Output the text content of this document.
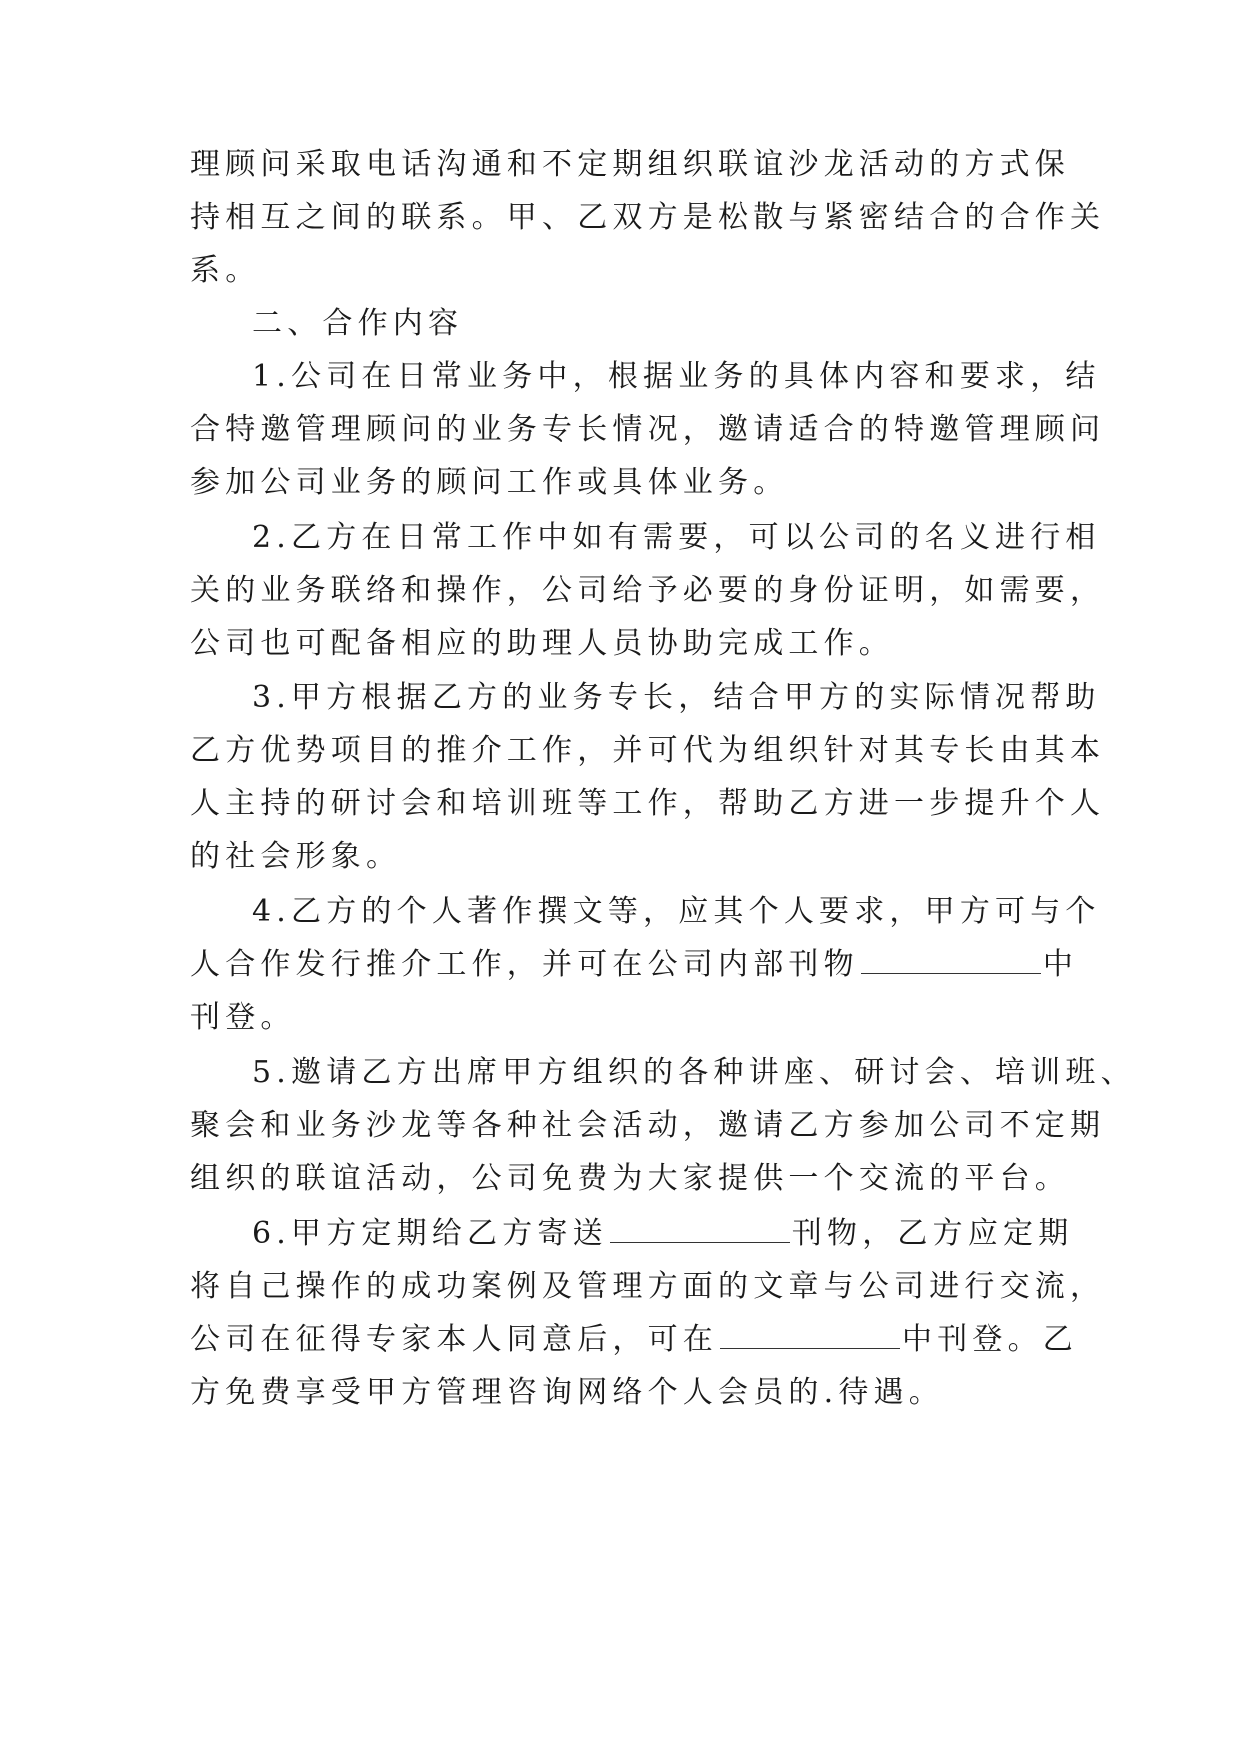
理顾问采取电话沟通和不定期组织联谊沙龙活动的方式保
持相互之间的联系。甲、乙双方是松散与紧密结合的合作关
系。
二、合作内容
1.公司在日常业务中，根据业务的具体内容和要求，结
合特邀管理顾问的业务专长情况，邀请适合的特邀管理顾问
参加公司业务的顾问工作或具体业务。
2.乙方在日常工作中如有需要，可以公司的名义进行相
关的业务联络和操作，公司给予必要的身份证明，如需要，
公司也可配备相应的助理人员协助完成工作。
3.甲方根据乙方的业务专长，结合甲方的实际情况帮助
乙方优势项目的推介工作，并可代为组织针对其专长由其本
人主持的研讨会和培训班等工作，帮助乙方进一步提升个人
的社会形象。
4.乙方的个人著作撰文等，应其个人要求，甲方可与个
人合作发行推介工作，并可在公司内部刊物	中
刊登。
5.邀请乙方出席甲方组织的各种讲座、研讨会、培训班、
聚会和业务沙龙等各种社会活动，邀请乙方参加公司不定期
组织的联谊活动，公司免费为大家提供一个交流的平台。
6.甲方定期给乙方寄送	刊物，乙方应定期
将自己操作的成功案例及管理方面的文章与公司进行交流，
公司在征得专家本人同意后，可在	中刊登。乙
方免费享受甲方管理咨询网络个人会员的.待遇。
